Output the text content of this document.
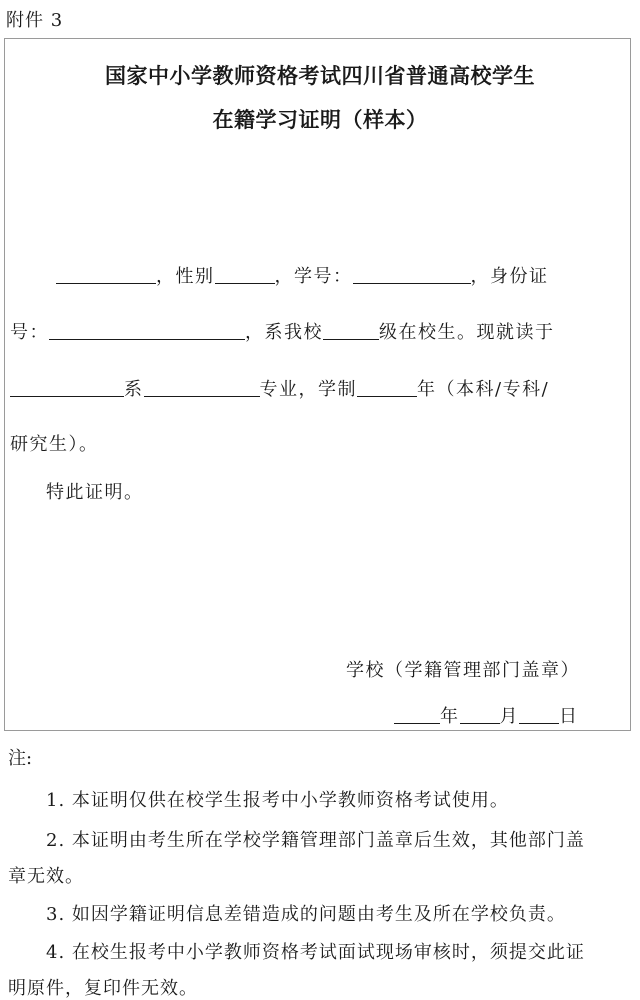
附件 3
国家中小学教师资格考试四川省普通高校学生
在籍学习证明（样本）
，性别	，学号：	，身份证
号：	，系我校	级在校生。现就读于
系	专业，学制	年（本科/专科/
研究生）。
特此证明。
学校（学籍管理部门盖章）
年 月 日
注:
1. 本证明仅供在校学生报考中小学教师资格考试使用。
2. 本证明由考生所在学校学籍管理部门盖章后生效，其他部门盖
章无效。
3. 如因学籍证明信息差错造成的问题由考生及所在学校负责。
4. 在校生报考中小学教师资格考试面试现场审核时，须提交此证
明原件，复印件无效。
